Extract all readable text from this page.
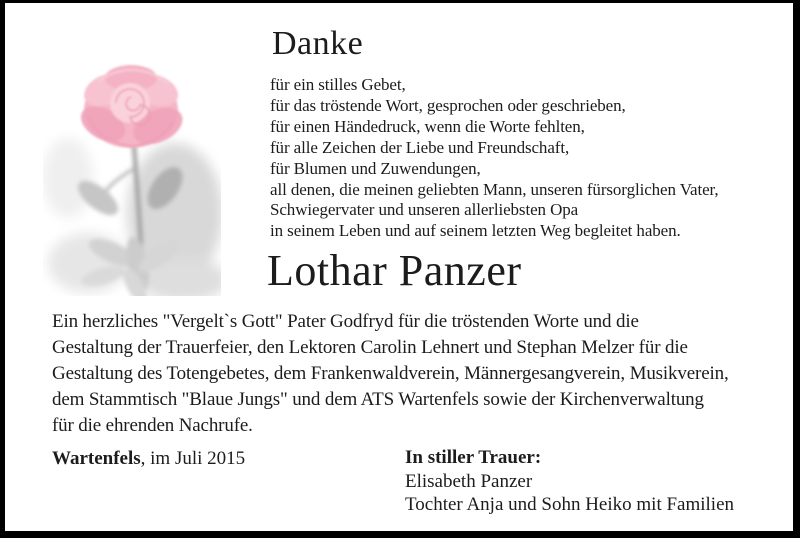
Danke
für ein stilles Gebet,
für das tröstende Wort, gesprochen oder geschrieben,
für einen Händedruck, wenn die Worte fehlten,
für alle Zeichen der Liebe und Freundschaft,
für Blumen und Zuwendungen,
all denen, die meinen geliebten Mann, unseren fürsorglichen Vater,
Schwiegervater und unseren allerliebsten Opa
in seinem Leben und auf seinem letzten Weg begleitet haben.
Lothar Panzer
Ein herzliches "Vergelt`s Gott" Pater Godfryd für die tröstenden Worte und die
Gestaltung der Trauerfeier, den Lektoren Carolin Lehnert und Stephan Melzer für die
Gestaltung des Totengebetes, dem Frankenwaldverein, Männergesangverein, Musikverein,
dem Stammtisch "Blaue Jungs" und dem ATS Wartenfels sowie der Kirchenverwaltung
für die ehrenden Nachrufe.
Wartenfels, im Juli 2015	In stiller Trauer:
Elisabeth Panzer
Tochter Anja und Sohn Heiko mit Familien
